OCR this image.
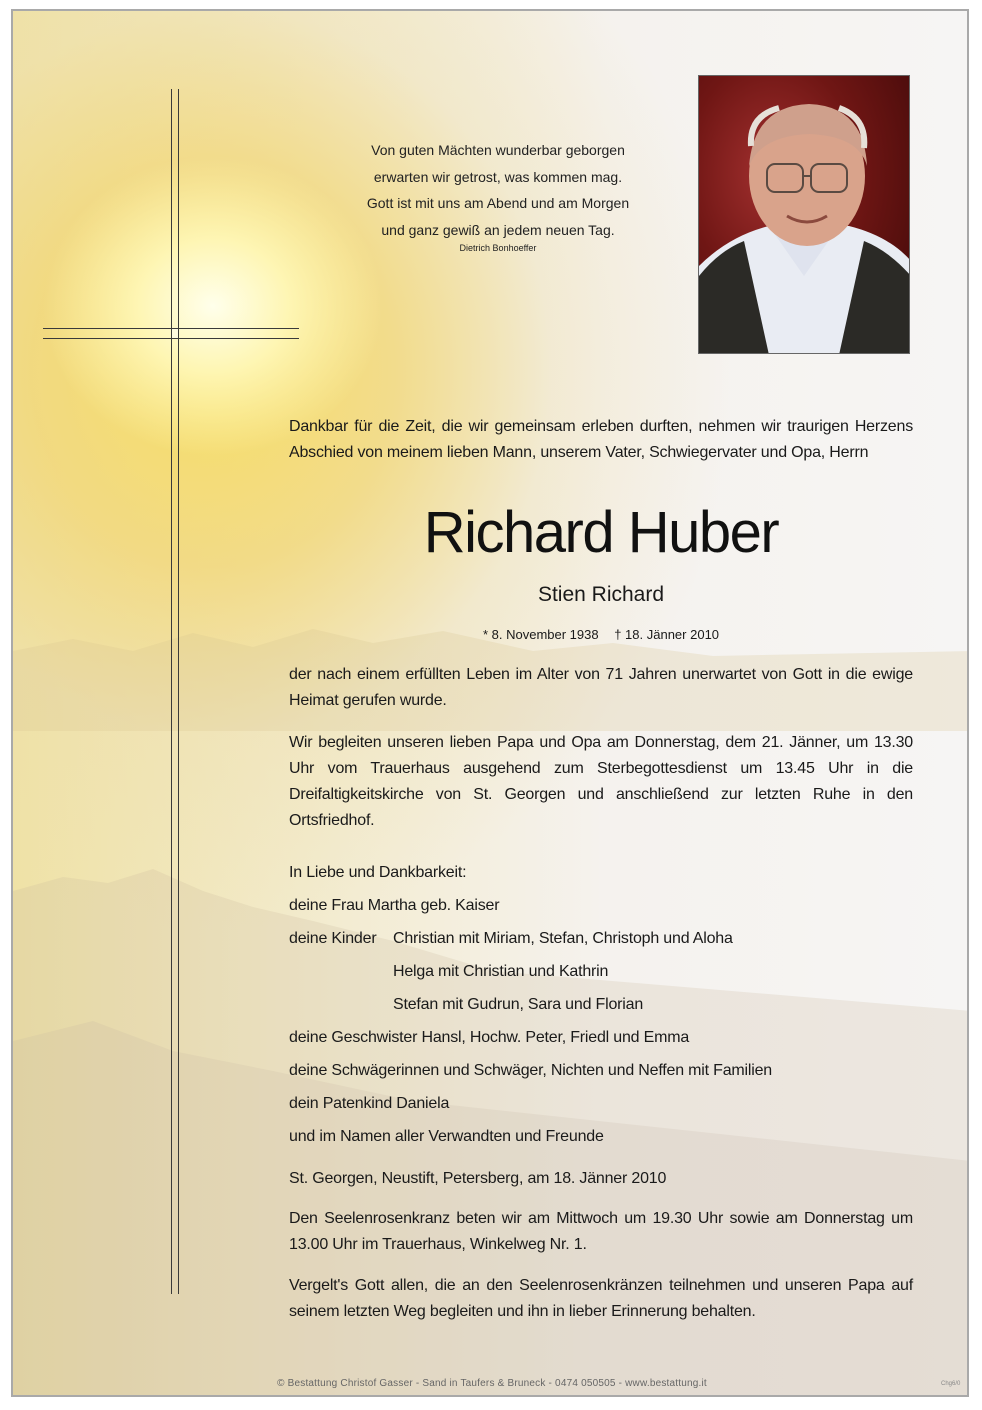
Von guten Mächten wunderbar geborgen
erwarten wir getrost, was kommen mag.
Gott ist mit uns am Abend und am Morgen
und ganz gewiß an jedem neuen Tag.
Dietrich Bonhoeffer
Dankbar für die Zeit, die wir gemeinsam erleben durften, nehmen wir traurigen Herzens Abschied von meinem lieben Mann, unserem Vater, Schwiegervater und Opa, Herrn
Richard Huber
Stien Richard
* 8. November 1938 † 18. Jänner 2010
der nach einem erfüllten Leben im Alter von 71 Jahren unerwartet von Gott in die ewige Heimat gerufen wurde.
Wir begleiten unseren lieben Papa und Opa am Donnerstag, dem 21. Jänner, um 13.30 Uhr vom Trauerhaus ausgehend zum Sterbegottesdienst um 13.45 Uhr in die Dreifaltigkeitskirche von St. Georgen und anschließend zur letzten Ruhe in den Ortsfriedhof.
In Liebe und Dankbarkeit:
deine Frau Martha geb. Kaiser
deine Kinder Christian mit Miriam, Stefan, Christoph und Aloha
Helga mit Christian und Kathrin
Stefan mit Gudrun, Sara und Florian
deine Geschwister Hansl, Hochw. Peter, Friedl und Emma
deine Schwägerinnen und Schwäger, Nichten und Neffen mit Familien
dein Patenkind Daniela
und im Namen aller Verwandten und Freunde
St. Georgen, Neustift, Petersberg, am 18. Jänner 2010
Den Seelenrosenkranz beten wir am Mittwoch um 19.30 Uhr sowie am Donnerstag um 13.00 Uhr im Trauerhaus, Winkelweg Nr. 1.
Vergelt's Gott allen, die an den Seelenrosenkränzen teilnehmen und unseren Papa auf seinem letzten Weg begleiten und ihn in lieber Erinnerung behalten.
© Bestattung Christof Gasser - Sand in Taufers & Bruneck - 0474 050505 - www.bestattung.it	Chg6/0
